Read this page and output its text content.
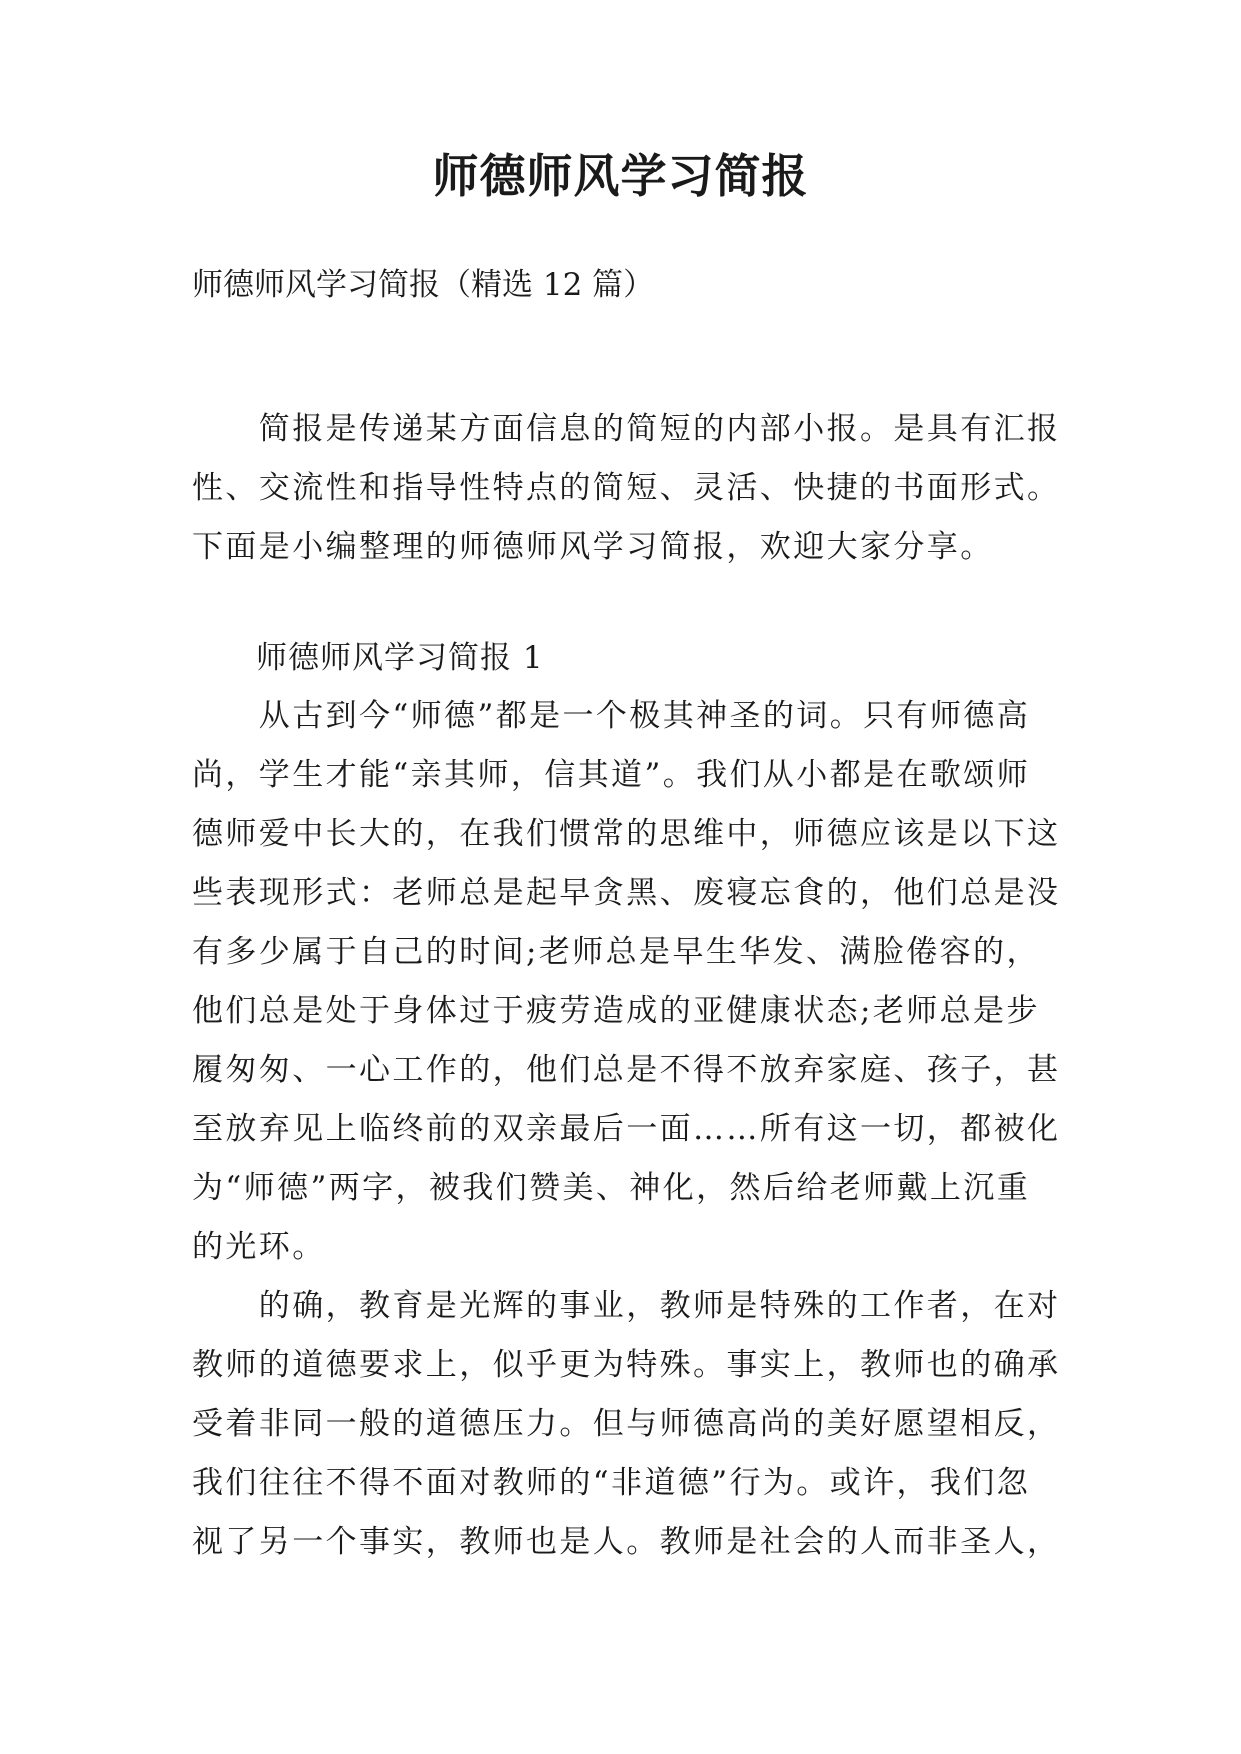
师德师风学习简报

师德师风学习简报（精选 12 篇）

　　简报是传递某方面信息的简短的内部小报。是具有汇报
性、交流性和指导性特点的简短、灵活、快捷的书面形式。
下面是小编整理的师德师风学习简报，欢迎大家分享。

师德师风学习简报 1

　　从古到今“师德”都是一个极其神圣的词。只有师德高
尚，学生才能“亲其师，信其道”。我们从小都是在歌颂师
德师爱中长大的，在我们惯常的思维中，师德应该是以下这
些表现形式：老师总是起早贪黑、废寝忘食的，他们总是没
有多少属于自己的时间;老师总是早生华发、满脸倦容的，
他们总是处于身体过于疲劳造成的亚健康状态;老师总是步
履匆匆、一心工作的，他们总是不得不放弃家庭、孩子，甚
至放弃见上临终前的双亲最后一面……所有这一切，都被化
为“师德”两字，被我们赞美、神化，然后给老师戴上沉重
的光环。
　　的确，教育是光辉的事业，教师是特殊的工作者，在对
教师的道德要求上，似乎更为特殊。事实上，教师也的确承
受着非同一般的道德压力。但与师德高尚的美好愿望相反，
我们往往不得不面对教师的“非道德”行为。或许，我们忽
视了另一个事实，教师也是人。教师是社会的人而非圣人，
